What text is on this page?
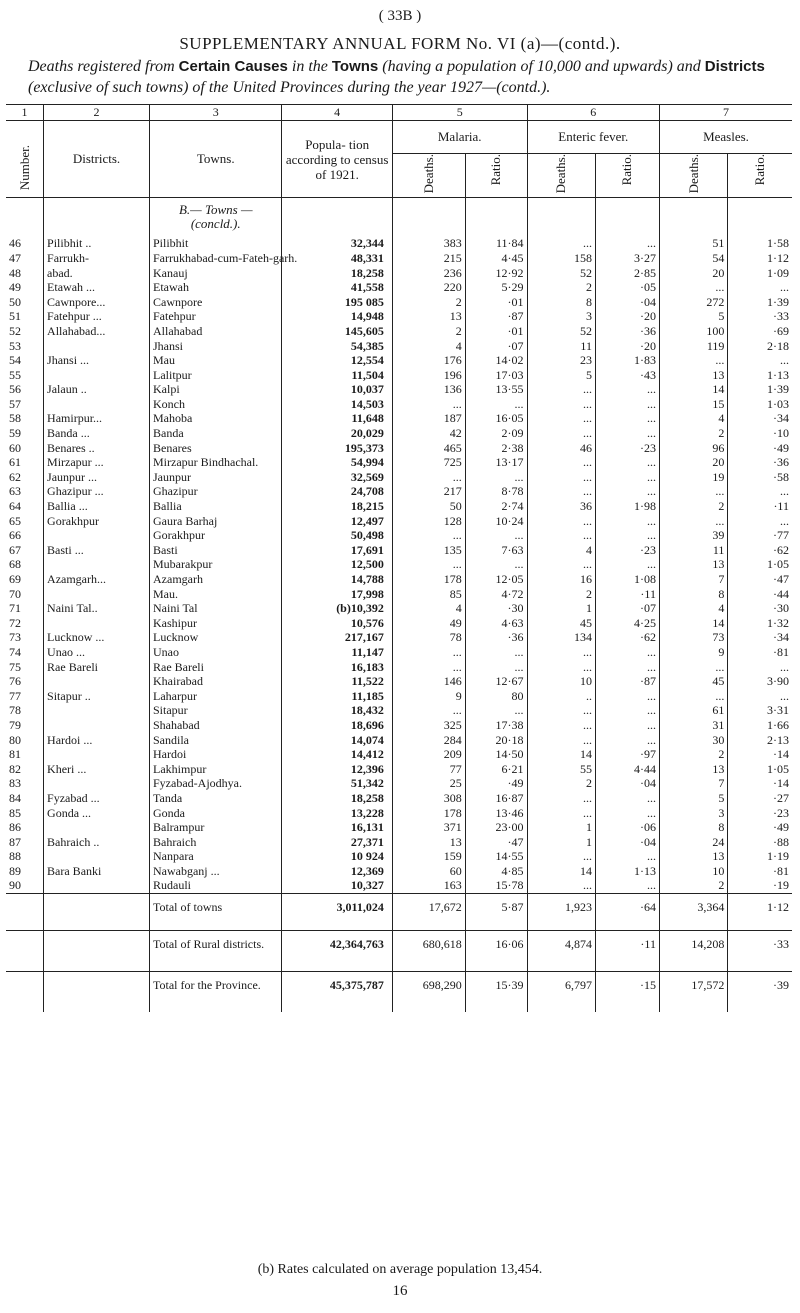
( 33B )
SUPPLEMENTARY ANNUAL FORM No. VI (a)—(contd.).
Deaths registered from Certain Causes in the Towns (having a population of 10,000 and upwards) and Districts (exclusive of such towns) of the United Provinces during the year 1927—(contd.).
1	2	3	4	5		6		7	
Number.	Districts.	Towns.	Popula- tion according to census of 1921.	Malaria.		Enteric fever.		Measles.	
				Deaths.	Ratio.	Deaths.	Ratio.	Deaths.	Ratio.
		B.— Towns — (concld.).							
46	Pilibhit ..	Pilibhit	32,344	383	11·84	...	...	51	1·58
47	Farrukh-	Farrukhabad-cum-Fateh-garh.	48,331	215	4·45	158	3·27	54	1·12
48	abad.	Kanauj	18,258	236	12·92	52	2·85	20	1·09
49	Etawah ...	Etawah	41,558	220	5·29	2	·05	...	...
50	Cawnpore...	Cawnpore	195 085	2	·01	8	·04	272	1·39
51	Fatehpur ...	Fatehpur	14,948	13	·87	3	·20	5	·33
52	Allahabad...	Allahabad	145,605	2	·01	52	·36	100	·69
53		Jhansi	54,385	4	·07	11	·20	119	2·18
54	Jhansi ...	Mau	12,554	176	14·02	23	1·83	...	...
55		Lalitpur	11,504	196	17·03	5	·43	13	1·13
56	Jalaun ..	Kalpi	10,037	136	13·55	...	...	14	1·39
57		Konch	14,503	...	...	...	...	15	1·03
58	Hamirpur...	Mahoba	11,648	187	16·05	...	...	4	·34
59	Banda ...	Banda	20,029	42	2·09	...	...	2	·10
60	Benares ..	Benares	195,373	465	2·38	46	·23	96	·49
61	Mirzapur ...	Mirzapur Bindhachal.	54,994	725	13·17	...	...	20	·36
62	Jaunpur ...	Jaunpur	32,569	...	...	...	...	19	·58
63	Ghazipur ...	Ghazipur	24,708	217	8·78	...	...	...	...
64	Ballia ...	Ballia	18,215	50	2·74	36	1·98	2	·11
65	Gorakhpur	Gaura Barhaj	12,497	128	10·24	...	...	...	...
66		Gorakhpur	50,498	...	...	...	...	39	·77
67	Basti ...	Basti	17,691	135	7·63	4	·23	11	·62
68		Mubarakpur	12,500	...	...	...	...	13	1·05
69	Azamgarh...	Azamgarh	14,788	178	12·05	16	1·08	7	·47
70		Mau.	17,998	85	4·72	2	·11	8	·44
71	Naini Tal..	Naini Tal	(b)10,392	4	·30	1	·07	4	·30
72		Kashipur	10,576	49	4·63	45	4·25	14	1·32
73	Lucknow ...	Lucknow	217,167	78	·36	134	·62	73	·34
74	Unao ...	Unao	11,147	...	...	...	...	9	·81
75	Rae Bareli	Rae Bareli	16,183	...	...	...	...	...	...
76		Khairabad	11,522	146	12·67	10	·87	45	3·90
77	Sitapur ..	Laharpur	11,185	9	80	..	...	...	...
78		Sitapur	18,432	...	...	...	...	61	3·31
79		Shahabad	18,696	325	17·38	...	...	31	1·66
80	Hardoi ...	Sandila	14,074	284	20·18	...	...	30	2·13
81		Hardoi	14,412	209	14·50	14	·97	2	·14
82	Kheri ...	Lakhimpur	12,396	77	6·21	55	4·44	13	1·05
83		Fyzabad-Ajodhya.	51,342	25	·49	2	·04	7	·14
84	Fyzabad ...	Tanda	18,258	308	16·87	...	...	5	·27
85	Gonda ...	Gonda	13,228	178	13·46	...	...	3	·23
86		Balrampur	16,131	371	23·00	1	·06	8	·49
87	Bahraich ..	Bahraich	27,371	13	·47	1	·04	24	·88
88		Nanpara	10 924	159	14·55	...	...	13	1·19
89	Bara Banki	Nawabganj ...	12,369	60	4·85	14	1·13	10	·81
90		Rudauli	10,327	163	15·78	...	...	2	·19
		Total of towns	3,011,024	17,672	5·87	1,923	·64	3,364	1·12
		Total of Rural districts.	42,364,763	680,618	16·06	4,874	·11	14,208	·33
		Total for the Province.	45,375,787	698,290	15·39	6,797	·15	17,572	·39
(b) Rates calculated on average population 13,454.
16
